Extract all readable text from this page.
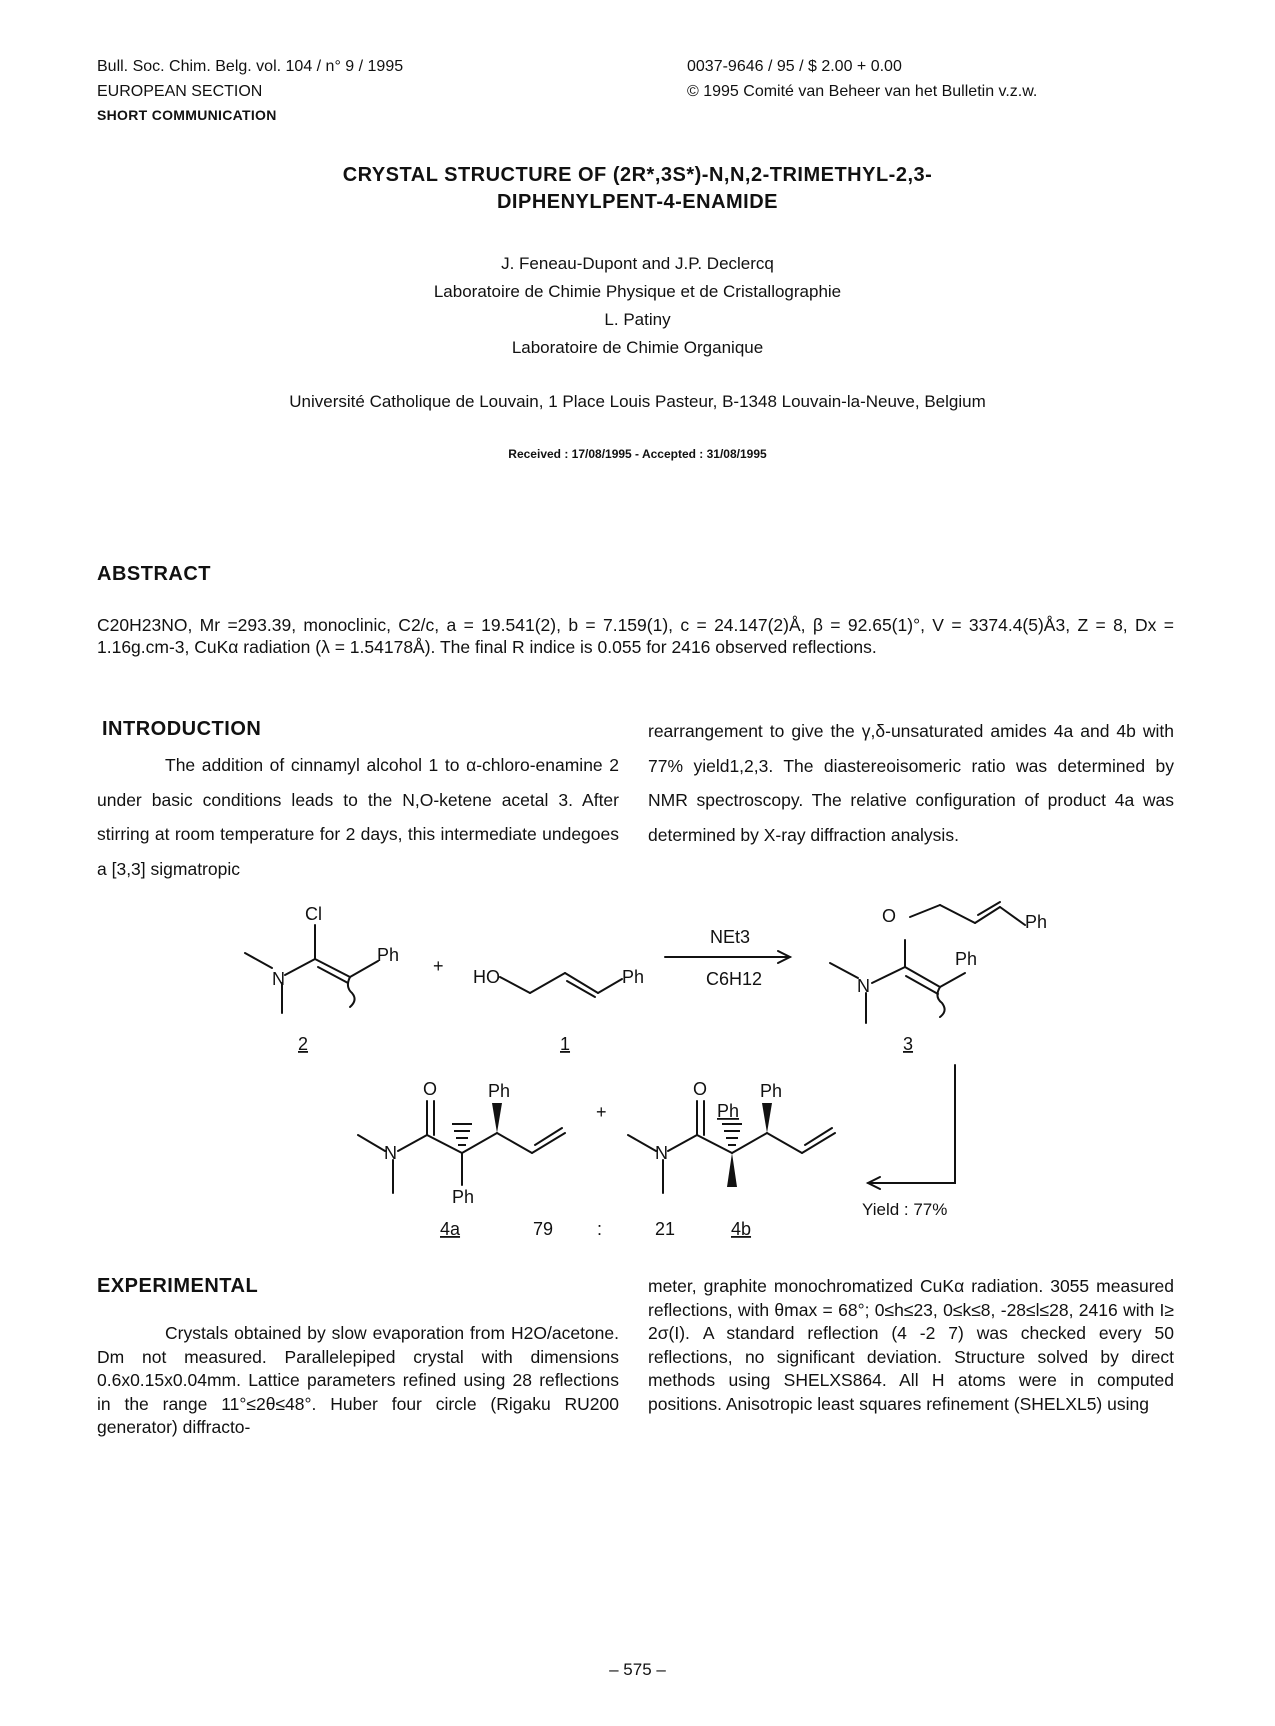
Bull. Soc. Chim. Belg. vol. 104 / n° 9 / 1995
EUROPEAN SECTION
SHORT COMMUNICATION
0037-9646 / 95 / $ 2.00 + 0.00
© 1995 Comité van Beheer van het Bulletin v.z.w.
CRYSTAL STRUCTURE OF (2R*,3S*)-N,N,2-TRIMETHYL-2,3-
DIPHENYLPENT-4-ENAMIDE
J. Feneau-Dupont and J.P. Declercq
Laboratoire de Chimie Physique et de Cristallographie
L. Patiny
Laboratoire de Chimie Organique
Université Catholique de Louvain, 1 Place Louis Pasteur, B-1348 Louvain-la-Neuve, Belgium
Received : 17/08/1995 - Accepted : 31/08/1995
ABSTRACT
C20H23NO, Mr =293.39, monoclinic, C2/c, a = 19.541(2), b = 7.159(1), c = 24.147(2)Å, β = 92.65(1)°, V = 3374.4(5)Å3, Z = 8, Dx = 1.16g.cm-3, CuKα radiation (λ = 1.54178Å). The final R indice is 0.055 for 2416 observed reflections.
INTRODUCTION
The addition of cinnamyl alcohol 1 to α-chloro-enamine 2 under basic conditions leads to the N,O-ketene acetal 3. After stirring at room temperature for 2 days, this intermediate undegoes a [3,3] sigmatropic
rearrangement to give the γ,δ-unsaturated amides 4a and 4b with 77% yield1,2,3. The diastereoisomeric ratio was determined by NMR spectroscopy. The relative configuration of product 4a was determined by X-ray diffraction analysis.
Cl
N
Ph
+
2
HO	Ph
1
NEt3
C6H12
O	Ph
N
Ph
3
O	Ph
N
Ph
+
4a
O
Ph
Ph
N
4b
79 :	21
Yield : 77%
EXPERIMENTAL
Crystals obtained by slow evaporation from H2O/acetone. Dm not measured. Parallelepiped crystal with dimensions 0.6x0.15x0.04mm. Lattice parameters refined using 28 reflections in the range 11°≤2θ≤48°. Huber four circle (Rigaku RU200 generator) diffracto-
meter, graphite monochromatized CuKα radiation. 3055 measured reflections, with θmax = 68°; 0≤h≤23, 0≤k≤8, -28≤l≤28, 2416 with I≥ 2σ(I). A standard reflection (4 -2 7) was checked every 50 reflections, no significant deviation. Structure solved by direct methods using SHELXS864. All H atoms were in computed positions. Anisotropic least squares refinement (SHELXL5) using
– 575 –
